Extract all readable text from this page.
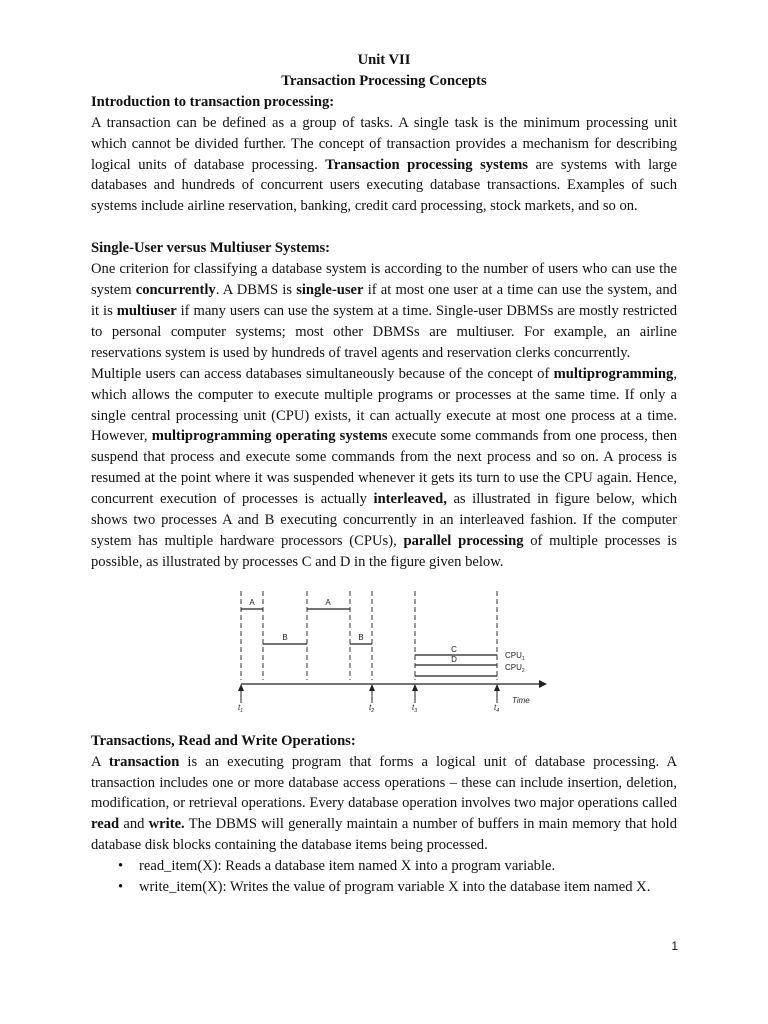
Unit VII
Transaction Processing Concepts
Introduction to transaction processing:

A transaction can be defined as a group of tasks. A single task is the minimum processing unit which cannot be divided further. The concept of transaction provides a mechanism for describing logical units of database processing. Transaction processing systems are systems with large databases and hundreds of concurrent users executing database transactions. Examples of such systems include airline reservation, banking, credit card processing, stock markets, and so on.

Single-User versus Multiuser Systems:

One criterion for classifying a database system is according to the number of users who can use the system concurrently. A DBMS is single-user if at most one user at a time can use the system, and it is multiuser if many users can use the system at a time. Single-user DBMSs are mostly restricted to personal computer systems; most other DBMSs are multiuser. For example, an airline reservations system is used by hundreds of travel agents and reservation clerks concurrently.

Multiple users can access databases simultaneously because of the concept of multiprogramming, which allows the computer to execute multiple programs or processes at the same time. If only a single central processing unit (CPU) exists, it can actually execute at most one process at a time. However, multiprogramming operating systems execute some commands from one process, then suspend that process and execute some commands from the next process and so on. A process is resumed at the point where it was suspended whenever it gets its turn to use the CPU again. Hence, concurrent execution of processes is actually interleaved, as illustrated in figure below, which shows two processes A and B executing concurrently in an interleaved fashion. If the computer system has multiple hardware processors (CPUs), parallel processing of multiple processes is possible, as illustrated by processes C and D in the figure given below.

A
B
A
B
C
D	$CPU_1$
$CPU_2$
Time
$t_1$	$t_2$	$t_3$	$t_4$
Transactions, Read and Write Operations:

A transaction is an executing program that forms a logical unit of database processing. A transaction includes one or more database access operations – these can include insertion, deletion, modification, or retrieval operations. Every database operation involves two major operations called read and write. The DBMS will generally maintain a number of buffers in main memory that hold database disk blocks containing the database items being processed.

• read_item(X): Reads a database item named X into a program variable.
• write_item(X): Writes the value of program variable X into the database item named X.
1
